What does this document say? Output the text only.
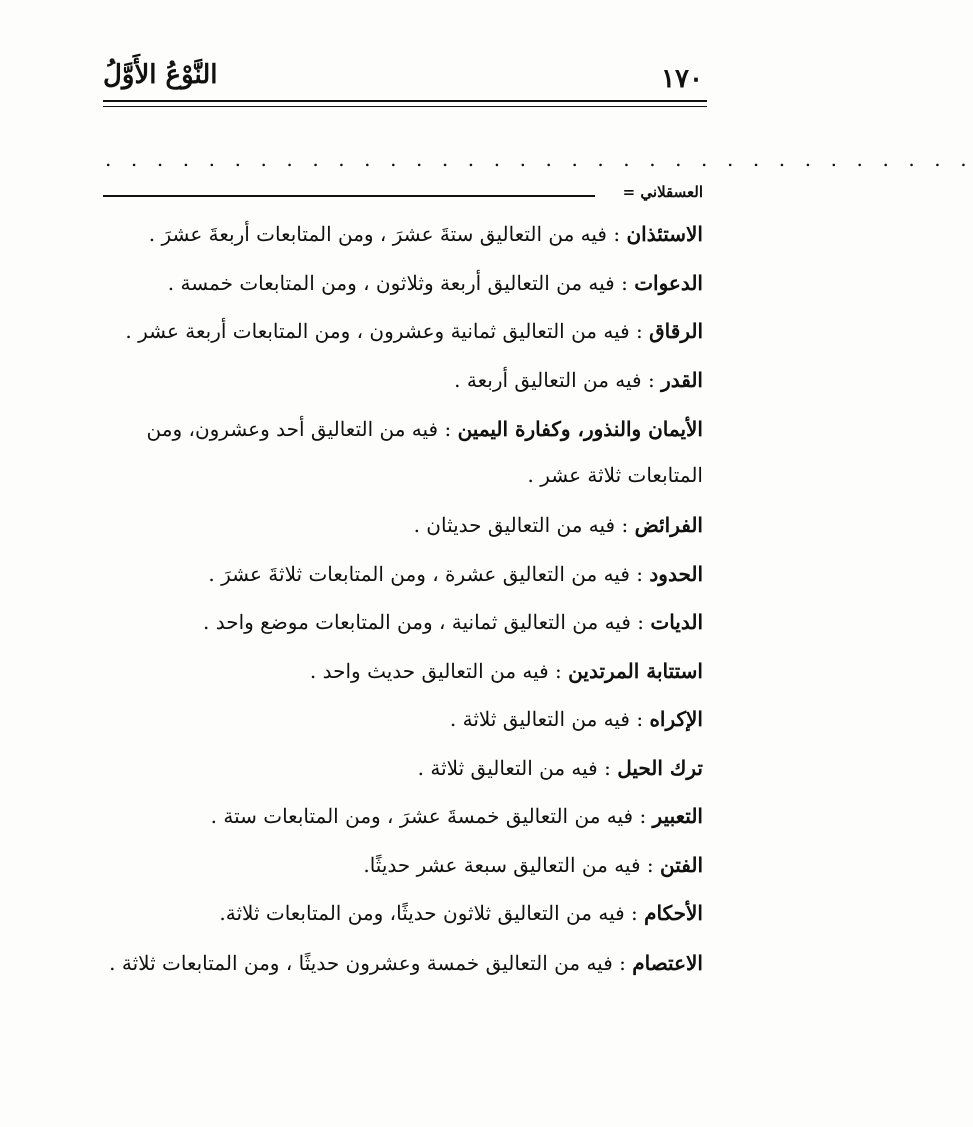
١٧٠
النَّوْعُ الأَوَّلُ
. . . . . . . . . . . . . . . . . . . . . . . . . . . . . . . . . .
العسقلاني =

الاستئذان : فيه من التعاليق ستةَ عشرَ ، ومن المتابعات أربعةَ عشرَ .

الدعوات : فيه من التعاليق أربعة وثلاثون ، ومن المتابعات خمسة .

الرقاق : فيه من التعاليق ثمانية وعشرون ، ومن المتابعات أربعة عشر .

القدر : فيه من التعاليق أربعة .

الأيمان والنذور، وكفارة اليمين : فيه من التعاليق أحد وعشرون، ومن المتابعات ثلاثة عشر .

الفرائض : فيه من التعاليق حديثان .

الحدود : فيه من التعاليق عشرة ، ومن المتابعات ثلاثةَ عشرَ .

الديات : فيه من التعاليق ثمانية ، ومن المتابعات موضع واحد .

استتابة المرتدين : فيه من التعاليق حديث واحد .

الإكراه : فيه من التعاليق ثلاثة .

ترك الحيل : فيه من التعاليق ثلاثة .

التعبير : فيه من التعاليق خمسةَ عشرَ ، ومن المتابعات ستة .

الفتن : فيه من التعاليق سبعة عشر حديثًا.

الأحكام : فيه من التعاليق ثلاثون حديثًا، ومن المتابعات ثلاثة.

الاعتصام : فيه من التعاليق خمسة وعشرون حديثًا ، ومن المتابعات ثلاثة .
